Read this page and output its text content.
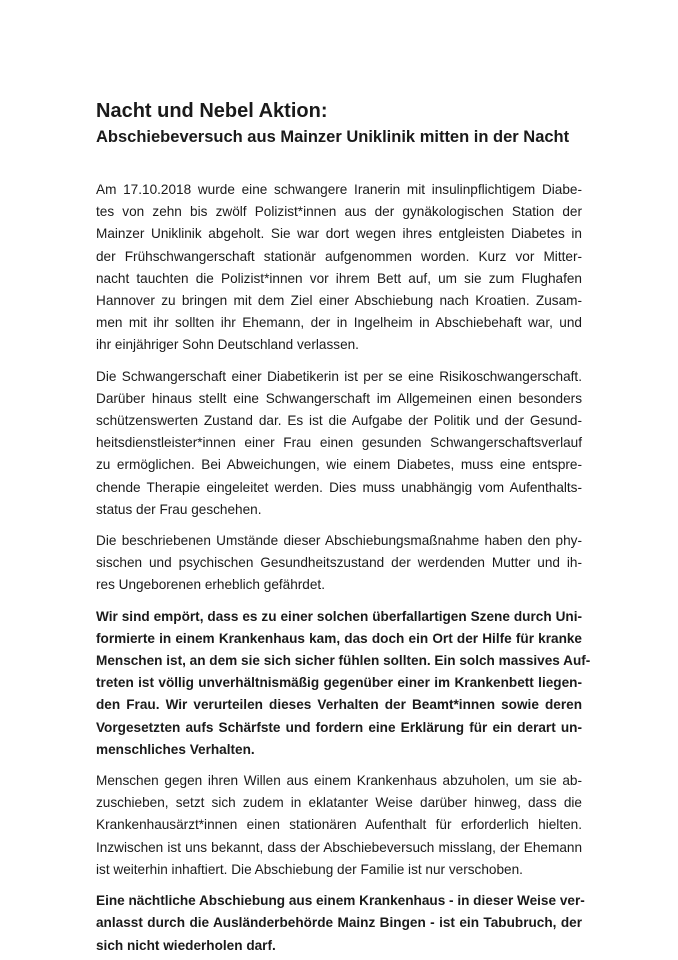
Nacht und Nebel Aktion:
Abschiebeversuch aus Mainzer Uniklinik mitten in der Nacht
Am 17.10.2018 wurde eine schwangere Iranerin mit insulinpflichtigem Diabe-
tes von zehn bis zwölf Polizist*innen aus der gynäkologischen Station der
Mainzer Uniklinik abgeholt. Sie war dort wegen ihres entgleisten Diabetes in
der Frühschwangerschaft stationär aufgenommen worden. Kurz vor Mitter-
nacht tauchten die Polizist*innen vor ihrem Bett auf, um sie zum Flughafen
Hannover zu bringen mit dem Ziel einer Abschiebung nach Kroatien. Zusam-
men mit ihr sollten ihr Ehemann, der in Ingelheim in Abschiebehaft war, und
ihr einjähriger Sohn Deutschland verlassen.
Die Schwangerschaft einer Diabetikerin ist per se eine Risikoschwangerschaft.
Darüber hinaus stellt eine Schwangerschaft im Allgemeinen einen besonders
schützenswerten Zustand dar. Es ist die Aufgabe der Politik und der Gesund-
heitsdienstleister*innen einer Frau einen gesunden Schwangerschaftsverlauf
zu ermöglichen. Bei Abweichungen, wie einem Diabetes, muss eine entspre-
chende Therapie eingeleitet werden. Dies muss unabhängig vom Aufenthalts-
status der Frau geschehen.
Die beschriebenen Umstände dieser Abschiebungsmaßnahme haben den phy-
sischen und psychischen Gesundheitszustand der werdenden Mutter und ih-
res Ungeborenen erheblich gefährdet.
Wir sind empört, dass es zu einer solchen überfallartigen Szene durch Uni-
formierte in einem Krankenhaus kam, das doch ein Ort der Hilfe für kranke
Menschen ist, an dem sie sich sicher fühlen sollten. Ein solch massives Auf-
treten ist völlig unverhältnismäßig gegenüber einer im Krankenbett liegen-
den Frau. Wir verurteilen dieses Verhalten der Beamt*innen sowie deren
Vorgesetzten aufs Schärfste und fordern eine Erklärung für ein derart un-
menschliches Verhalten.
Menschen gegen ihren Willen aus einem Krankenhaus abzuholen, um sie ab-
zuschieben, setzt sich zudem in eklatanter Weise darüber hinweg, dass die
Krankenhausärzt*innen einen stationären Aufenthalt für erforderlich hielten.
Inzwischen ist uns bekannt, dass der Abschiebeversuch misslang, der Ehemann
ist weiterhin inhaftiert. Die Abschiebung der Familie ist nur verschoben.
Eine nächtliche Abschiebung aus einem Krankenhaus - in dieser Weise ver-
anlasst durch die Ausländerbehörde Mainz Bingen - ist ein Tabubruch, der
sich nicht wiederholen darf.
